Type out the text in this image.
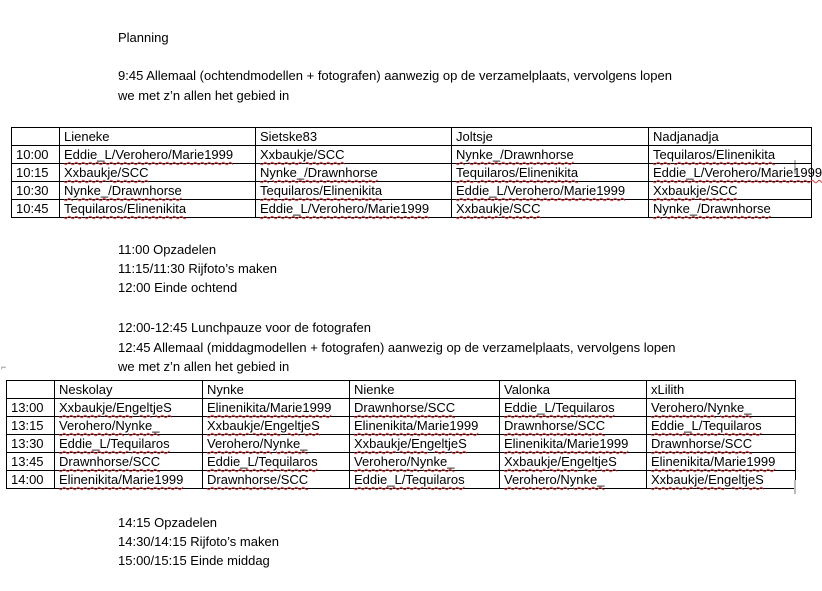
Planning
9:45 Allemaal (ochtendmodellen + fotografen) aanwezig op de verzamelplaats, vervolgens lopen
we met z’n allen het gebied in
	Lieneke	Sietske83	Joltsje	Nadjanadja
10:00	Eddie_L/Verohero/Marie1999	Xxbaukje/SCC	Nynke_/Drawnhorse	Tequilaros/Elinenikita
10:15	Xxbaukje/SCC	Nynke_/Drawnhorse	Tequilaros/Elinenikita	Eddie_L/Verohero/Marie1999
10:30	Nynke_/Drawnhorse	Tequilaros/Elinenikita	Eddie_L/Verohero/Marie1999	Xxbaukje/SCC
10:45	Tequilaros/Elinenikita	Eddie_L/Verohero/Marie1999	Xxbaukje/SCC	Nynke_/Drawnhorse
11:00 Opzadelen
11:15/11:30 Rijfoto’s maken
12:00 Einde ochtend
12:00-12:45 Lunchpauze voor de fotografen
12:45 Allemaal (middagmodellen + fotografen) aanwezig op de verzamelplaats, vervolgens lopen
we met z’n allen het gebied in
⌐
	Neskolay	Nynke	Nienke	Valonka	xLilith
13:00	Xxbaukje/EngeltjeS	Elinenikita/Marie1999	Drawnhorse/SCC	Eddie_L/Tequilaros	Verohero/Nynke_
13:15	Verohero/Nynke_	Xxbaukje/EngeltjeS	Elinenikita/Marie1999	Drawnhorse/SCC	Eddie_L/Tequilaros
13:30	Eddie_L/Tequilaros	Verohero/Nynke_	Xxbaukje/EngeltjeS	Elinenikita/Marie1999	Drawnhorse/SCC
13:45	Drawnhorse/SCC	Eddie_L/Tequilaros	Verohero/Nynke_	Xxbaukje/EngeltjeS	Elinenikita/Marie1999
14:00	Elinenikita/Marie1999	Drawnhorse/SCC	Eddie_L/Tequilaros	Verohero/Nynke_	Xxbaukje/EngeltjeS
14:15 Opzadelen
14:30/14:15 Rijfoto’s maken
15:00/15:15 Einde middag
